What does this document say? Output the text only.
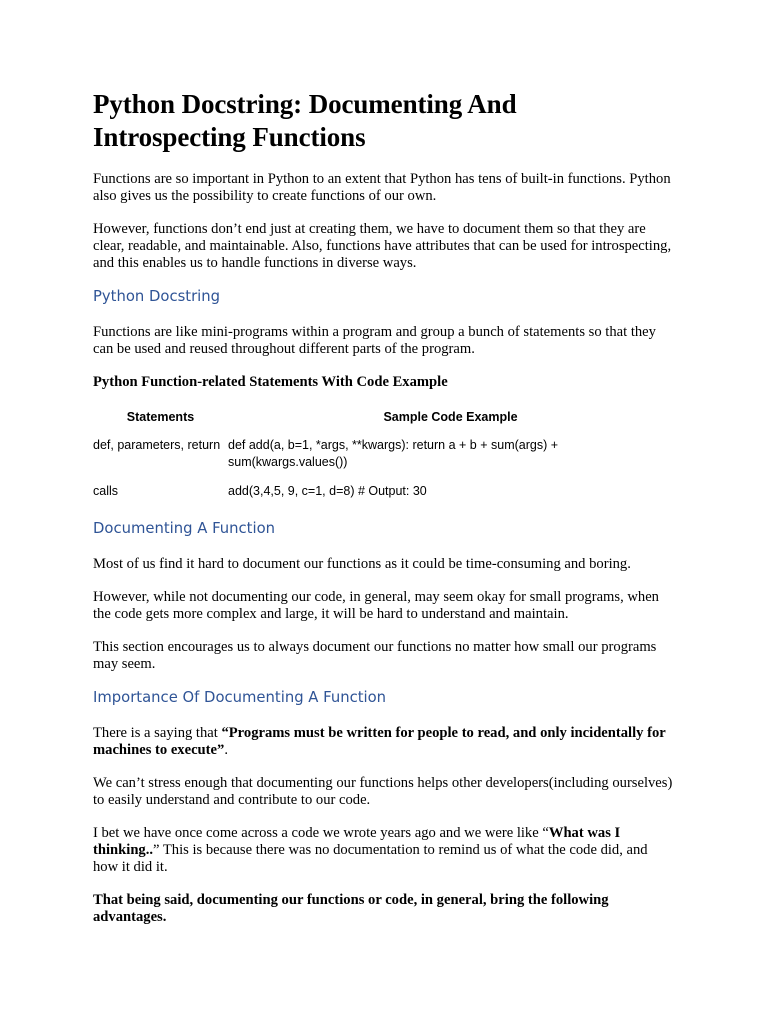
Python Docstring: Documenting And Introspecting Functions

Functions are so important in Python to an extent that Python has tens of built-in functions. Python also gives us the possibility to create functions of our own.

However, functions don’t end just at creating them, we have to document them so that they are clear, readable, and maintainable. Also, functions have attributes that can be used for introspecting, and this enables us to handle functions in diverse ways.

Python Docstring

Functions are like mini-programs within a program and group a bunch of statements so that they can be used and reused throughout different parts of the program.

Python Function-related Statements With Code Example

Statements	Sample Code Example
def, parameters, return	def add(a, b=1, *args, **kwargs): return a + b + sum(args) + sum(kwargs.values())
calls	add(3,4,5, 9, c=1, d=8) # Output: 30
Documenting A Function

Most of us find it hard to document our functions as it could be time-consuming and boring.

However, while not documenting our code, in general, may seem okay for small programs, when the code gets more complex and large, it will be hard to understand and maintain.

This section encourages us to always document our functions no matter how small our programs may seem.

Importance Of Documenting A Function

There is a saying that “Programs must be written for people to read, and only incidentally for machines to execute”.

We can’t stress enough that documenting our functions helps other developers(including ourselves) to easily understand and contribute to our code.

I bet we have once come across a code we wrote years ago and we were like “What was I thinking..” This is because there was no documentation to remind us of what the code did, and how it did it.

That being said, documenting our functions or code, in general, bring the following advantages.
